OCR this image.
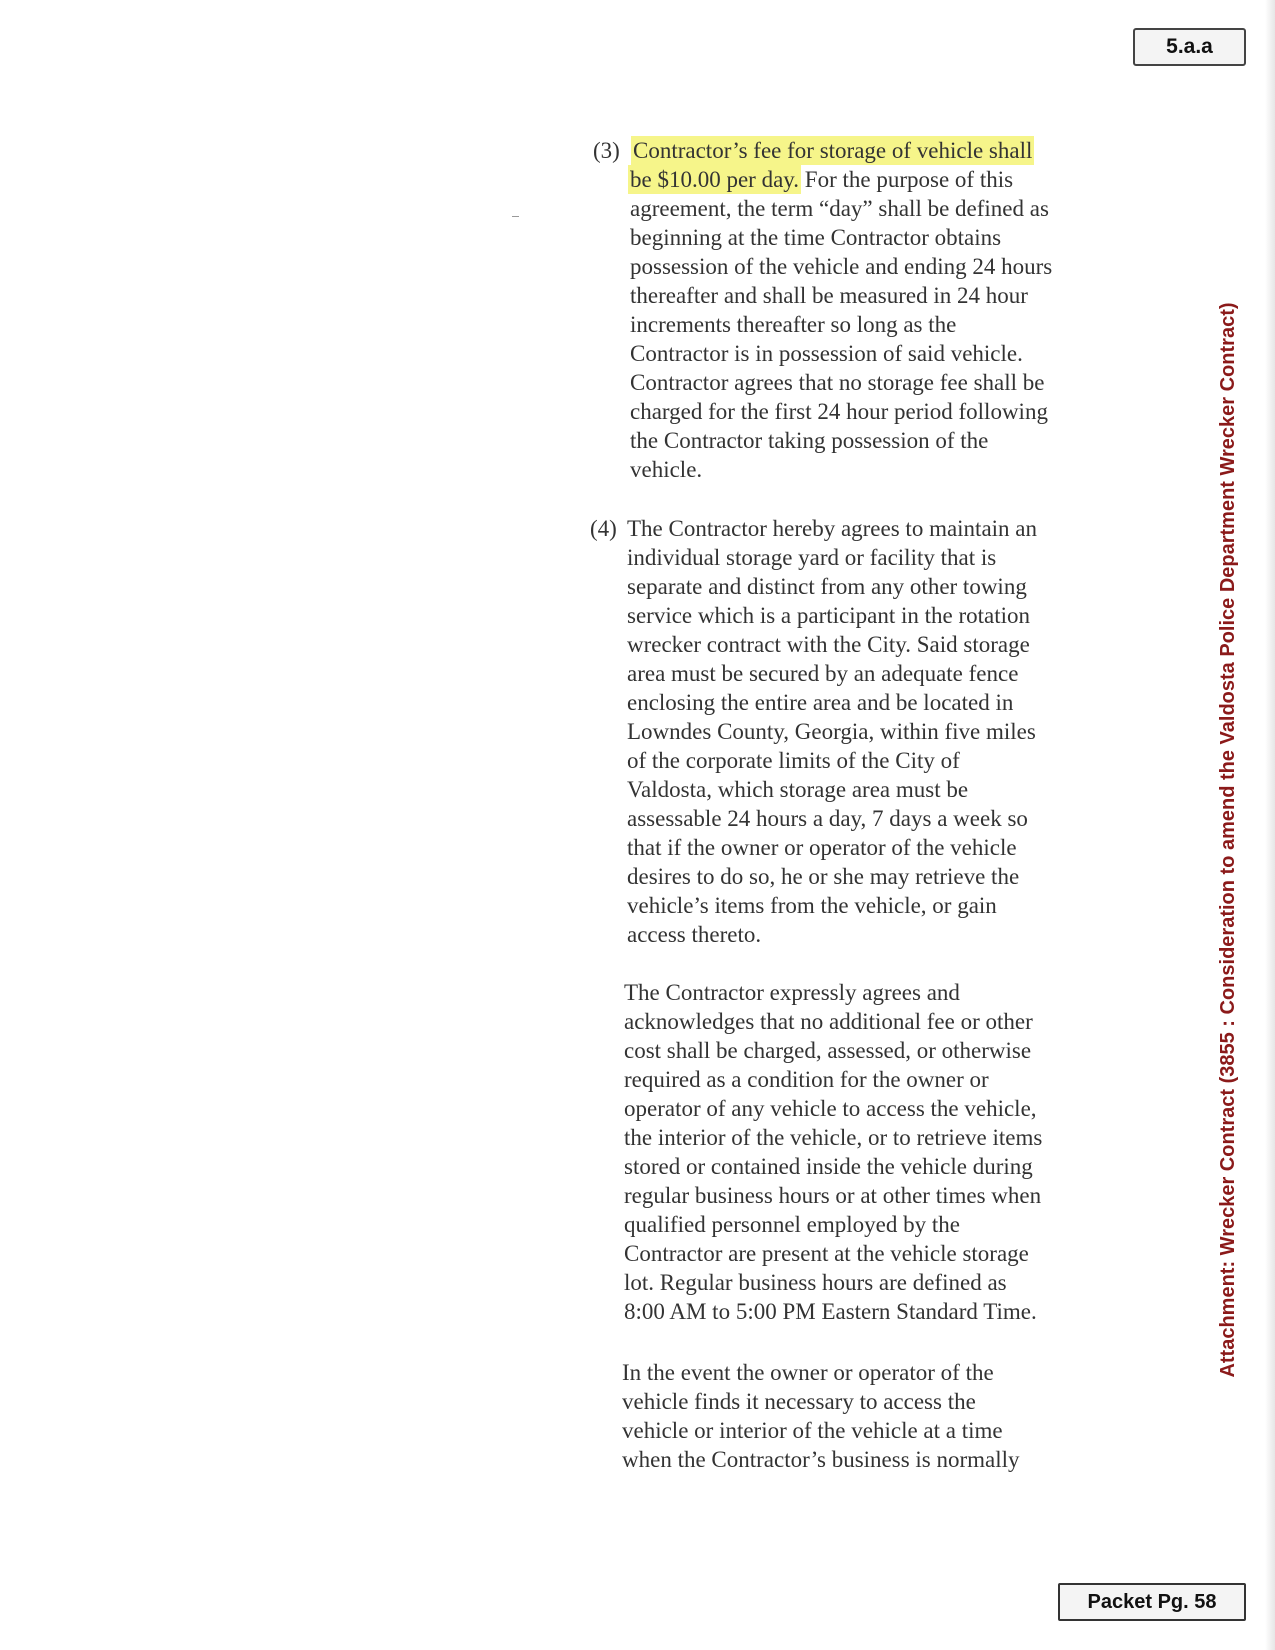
5.a.a
Attachment: Wrecker Contract (3855 : Consideration to amend the Valdosta Police Department Wrecker Contract)
(3) Contractor’s fee for storage of vehicle shall
be $10.00 per day. For the purpose of this
agreement, the term “day” shall be defined as
beginning at the time Contractor obtains
possession of the vehicle and ending 24 hours
thereafter and shall be measured in 24 hour
increments thereafter so long as the
Contractor is in possession of said vehicle.
Contractor agrees that no storage fee shall be
charged for the first 24 hour period following
the Contractor taking possession of the
vehicle.
(4) The Contractor hereby agrees to maintain an
individual storage yard or facility that is
separate and distinct from any other towing
service which is a participant in the rotation
wrecker contract with the City. Said storage
area must be secured by an adequate fence
enclosing the entire area and be located in
Lowndes County, Georgia, within five miles
of the corporate limits of the City of
Valdosta, which storage area must be
assessable 24 hours a day, 7 days a week so
that if the owner or operator of the vehicle
desires to do so, he or she may retrieve the
vehicle’s items from the vehicle, or gain
access thereto.
The Contractor expressly agrees and
acknowledges that no additional fee or other
cost shall be charged, assessed, or otherwise
required as a condition for the owner or
operator of any vehicle to access the vehicle,
the interior of the vehicle, or to retrieve items
stored or contained inside the vehicle during
regular business hours or at other times when
qualified personnel employed by the
Contractor are present at the vehicle storage
lot. Regular business hours are defined as
8:00 AM to 5:00 PM Eastern Standard Time.
In the event the owner or operator of the
vehicle finds it necessary to access the
vehicle or interior of the vehicle at a time
when the Contractor’s business is normally
Packet Pg. 58
